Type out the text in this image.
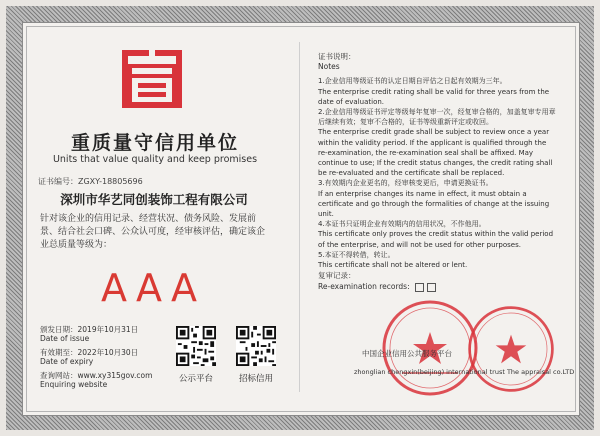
重质量守信用单位
Units that value quality and keep promises
证书编号：ZGXY-18805696
深圳市华艺同创装饰工程有限公司
针对该企业的信用记录、经营状况、债务风险、发展前景、结合社会口碑、公众认可度，经审核评估，确定该企业总质量等级为：
AAA
颁发日期：2019年10月31日
Date of issue
有效期至：2022年10月30日
Date of expiry
查询网站：www.xy315gov.com
Enquiring website
公示平台	招标信用
证书说明：
Notes
1.企业信用等级证书的认定日期自评估之日起有效期为三年。
The enterprise credit rating shall be valid for three years from the date of evaluation.
2.企业信用等级证书评定等级每年复审一次，经复审合格的，加盖复审专用章后继续有效；复审不合格的，证书等级重新评定或收回。
The enterprise credit grade shall be subject to review once a year within the validity period. If the applicant is qualified through the re-examination, the re-examination seal shall be affixed. May continue to use; If the credit status changes, the credit rating shall be re-evaluated and the certificate shall be replaced.
3.有效期内企业更名的，经审核变更后，申请更换证书。
If an enterprise changes its name in effect, it must obtain a certificate and go through the formalities of change at the issuing unit.
4.本证书只证明企业有效期内的信用状况，不作他用。
This certificate only proves the credit status within the valid period of the enterprise, and will not be used for other purposes.
5.本证不得转借，转让。
This certificate shall not be altered or lent.
复审记录：
Re-examination records:
中国企业信用公共服务平台
zhonglian chengxin(beijing) international trust The appraisal co.LTD
